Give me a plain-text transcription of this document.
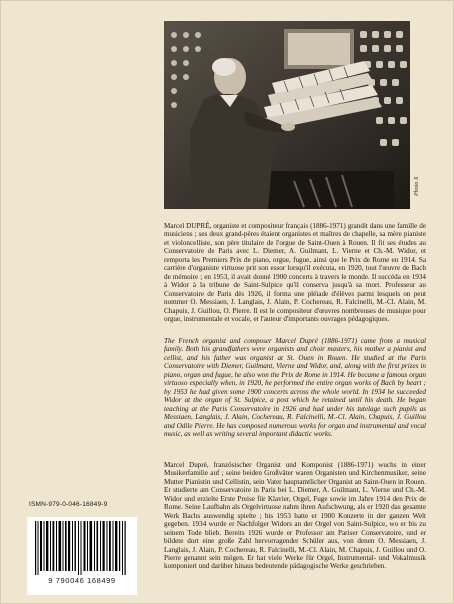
Photo X

Marcel DUPRÉ, organiste et compositeur français (1886-1971) grandit dans une famille de musiciens ; ses deux grand-pères étaient organistes et maîtres de chapelle, sa mère pianiste et violoncelliste, son père titulaire de l'orgue de Saint-Ouen à Rouen. Il fit ses études au Conservatoire de Paris avec L. Diemer, A. Guilmant, L. Vierne et Ch.-M. Widor, et remporta les Premiers Prix de piano, orgue, fugue, ainsi que le Prix de Rome en 1914. Sa carrière d'organiste virtuose prit son essor lorsqu'il exécuta, en 1920, tout l'œuvre de Bach de mémoire ; en 1953, il avait donné 1900 concerts à travers le monde. Il succéda en 1934 à Widor à la tribune de Saint-Sulpice qu'il conserva jusqu'à sa mort. Professeur au Conservatoire de Paris dès 1926, il forma une pléiade d'élèves parmi lesquels on peut nommer O. Messiaen, J. Langlais, J. Alain, P. Cochereau, R. Falcinelli, M.-Cl. Alain, M. Chapuis, J. Guillou, O. Pierre. Il est le compositeur d'œuvres nombreuses de musique pour orgue, instrumentale et vocale, et l'auteur d'importants ouvrages pédagogiques.

The French organist and composer Marcel Dupré (1886-1971) came from a musical family. Both his grandfathers were organists and choir masters, his mother a pianist and cellist, and his father was organist at St. Ouen in Rouen. He studied at the Paris Conservatoire with Diemer, Guilmant, Vierne and Widor, and, along with the first prizes in piano, organ and fugue, he also won the Prix de Rome in 1914. He became a famous organ virtuoso especially when, in 1920, he performed the entire organ works of Bach by heart ; by 1953 he had given some 1900 concerts across the whole world. In 1934 he succeeded Widor at the organ of St. Sulpice, a post which he retained until his death. He began teaching at the Paris Conservatoire in 1926 and had under his tutelage such pupils as Messiaen, Langlais, J. Alain, Cochereau, R. Falcinelli, M.-Cl. Alain, Chapuis, J. Guillou and Odile Pierre. He has composed numerous works for organ and instrumental and vocal music, as well as writing several important didactic works.

Marcel Dupré, französischer Organist und Komponist (1886-1971) wuchs in einer Musikerfamilie auf ; seine beiden Großväter waren Organisten und Kirchenmusiker, seine Mutter Pianistin und Cellistin, sein Vater hauptamtlicher Organist an Saint-Ouen in Rouen. Er studierte am Conservatoire in Paris bei L. Diemer, A. Guilmant, L. Vierne und Ch.-M. Widor und erzielte Erste Preise für Klavier, Orgel, Fuge sowie im Jahre 1914 den Prix de Rome. Seine Laufbahn als Orgelvirtuose nahm ihren Aufschwung, als er 1920 das gesamte Werk Bachs auswendig spielte ; bis 1953 hatte er 1900 Konzerte in der ganzen Welt gegeben. 1934 wurde er Nachfolger Widors an der Orgel von Saint-Sulpice, wo er bis zu seinem Tode blieb. Bereits 1926 wurde er Professor am Pariser Conservatoire, und er bildete dort eine große Zahl hervorragender Schüler aus, von denen O. Messiaen, J. Langlais, J. Alain, P. Cochereau, R. Falcinelli, M.-Cl. Alain, M. Chapuis, J. Guillou und O. Pierre genannt sein mögen. Er hat viele Werke für Orgel, Instrumental- und Vokalmusik komponiert und darüber hinaus bedeutende pädagogische Werke geschrieben.

ISMN-979-0-046-16849-9
9 790046 168499
